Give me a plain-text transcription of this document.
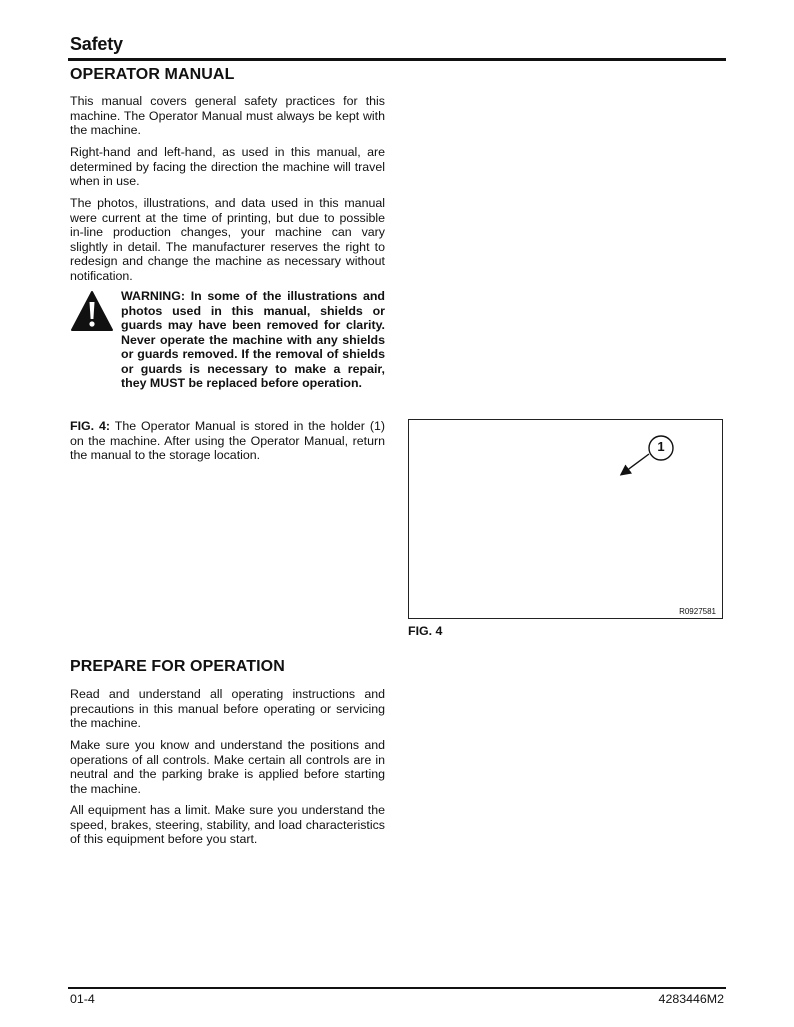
Safety
OPERATOR MANUAL

This manual covers general safety practices for this machine. The Operator Manual must always be kept with the machine.

Right-hand and left-hand, as used in this manual, are determined by facing the direction the machine will travel when in use.

The photos, illustrations, and data used in this manual were current at the time of printing, but due to possible in-line production changes, your machine can vary slightly in detail. The manufacturer reserves the right to redesign and change the machine as necessary without notification.

WARNING: In some of the illustrations and photos used in this manual, shields or guards may have been removed for clarity. Never operate the machine with any shields or guards removed. If the removal of shields or guards is necessary to make a repair, they MUST be replaced before operation.

FIG. 4: The Operator Manual is stored in the holder (1) on the machine. After using the Operator Manual, return the manual to the storage location.

1
R0927581
FIG. 4
PREPARE FOR OPERATION

Read and understand all operating instructions and precautions in this manual before operating or servicing the machine.

Make sure you know and understand the positions and operations of all controls. Make certain all controls are in neutral and the parking brake is applied before starting the machine.

All equipment has a limit. Make sure you understand the speed, brakes, steering, stability, and load characteristics of this equipment before you start.

01-4	4283446M2
